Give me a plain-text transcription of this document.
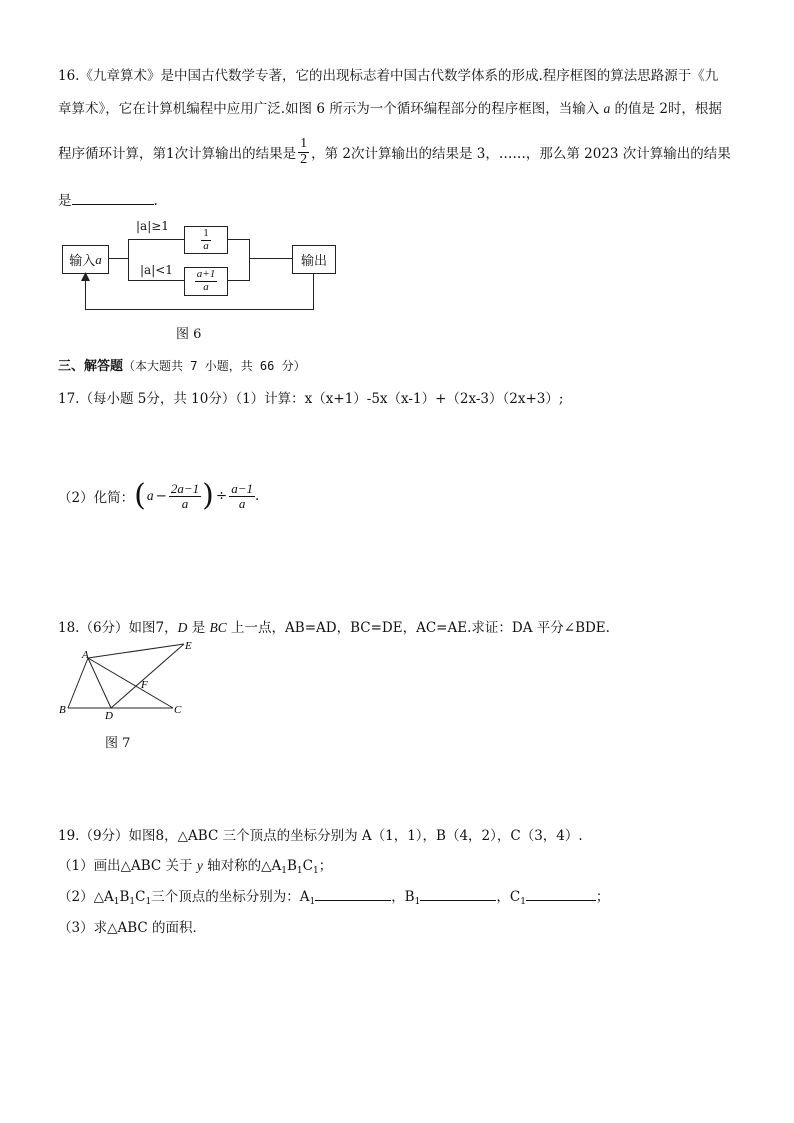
16.《九章算术》是中国古代数学专著，它的出现标志着中国古代数学体系的形成.程序框图的算法思路源于《九
章算术》，它在计算机编程中应用广泛.如图 6 所示为一个循环编程部分的程序框图，当输入 a 的值是 2时，根据
程序循环计算，第1次计算输出的结果是 $\frac{1}{2}$ ，第 2次计算输出的结果是 3，……，那么第 2023 次计算输出的结果
是	.
输入 a	输出
$\frac{1}{a}$
$\frac{a+1}{a}$
|a|≥1
|a|<1
图 6
三、解答题（本大题共 7 小题，共 66 分）
17.（每小题 5分，共 10分）（1）计算：x（x+1）-5x（x-1）+（2x-3）（2x+3）;
（2）化简： ( $a - \frac{2a-1}{a}$ ) ÷ $\frac{a-1}{a}$ .
18.（6分）如图7，D 是 BC 上一点，AB=AD，BC=DE，AC=AE.求证：DA 平分∠BDE.
A
B	C
D
E
F
图 7
19.（9分）如图8，△ABC 三个顶点的坐标分别为 A（1，1），B（4，2），C（3，4）.
（1）画出△ABC 关于 y 轴对称的$\triangle A_1B_1C_1$；
$(2)\triangle A_1B_1C_1$三个顶点的坐标分别为：$A_1$	，$B_1$	，$C_1$	；
（3）求△ABC 的面积．
